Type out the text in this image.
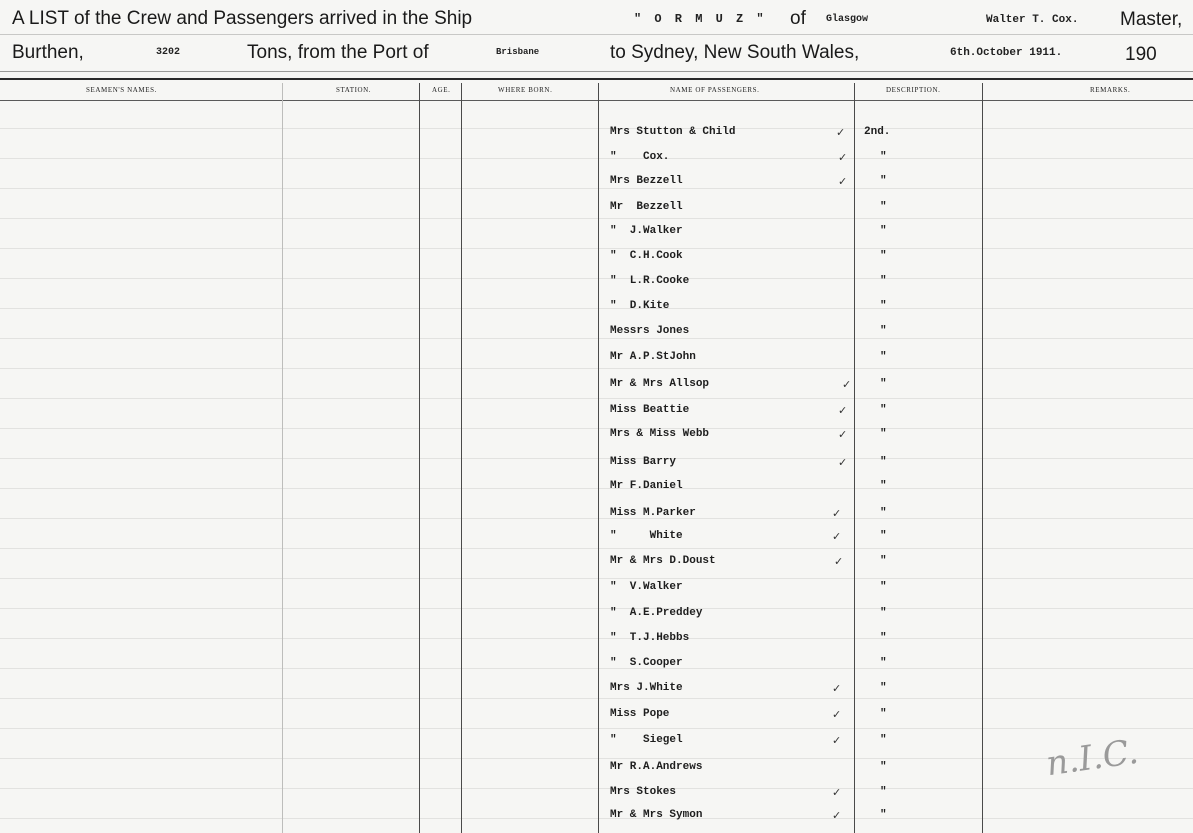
A LIST of the Crew and Passengers arrived in the Ship	" O R M U Z " of Glasgow	Walter T. Cox. Master,
Burthen,	3202	Tons, from the Port of	Brisbane	to Sydney, New South Wales,	6th.October 1911.	190
SEAMEN'S NAMES.	STATION.	AGE.	WHERE BORN.	NAME OF PASSENGERS.	DESCRIPTION.	REMARKS.
Mrs Stutton & Child	✓ 2nd.
"    Cox.	✓	"
Mrs Bezzell	✓	"
Mr  Bezzell	"
"  J.Walker	"
"  C.H.Cook	"
"  L.R.Cooke	"
"  D.Kite	"
Messrs Jones	"
Mr A.P.StJohn	"
Mr & Mrs Allsop	✓	"
Miss Beattie	✓	"
Mrs & Miss Webb	✓	"
Miss Barry	✓	"
Mr F.Daniel	"
Miss M.Parker	✓	"
"     White	✓	"
Mr & Mrs D.Doust	✓	"
"  V.Walker	"
"  A.E.Preddey	"
"  T.J.Hebbs	"
"  S.Cooper	"
Mrs J.White	✓	"
Miss Pope	✓	"
"    Siegel	✓	"
Mr R.A.Andrews	"
Mrs Stokes	✓	"
Mr & Mrs Symon	✓	"
n.I.C.
